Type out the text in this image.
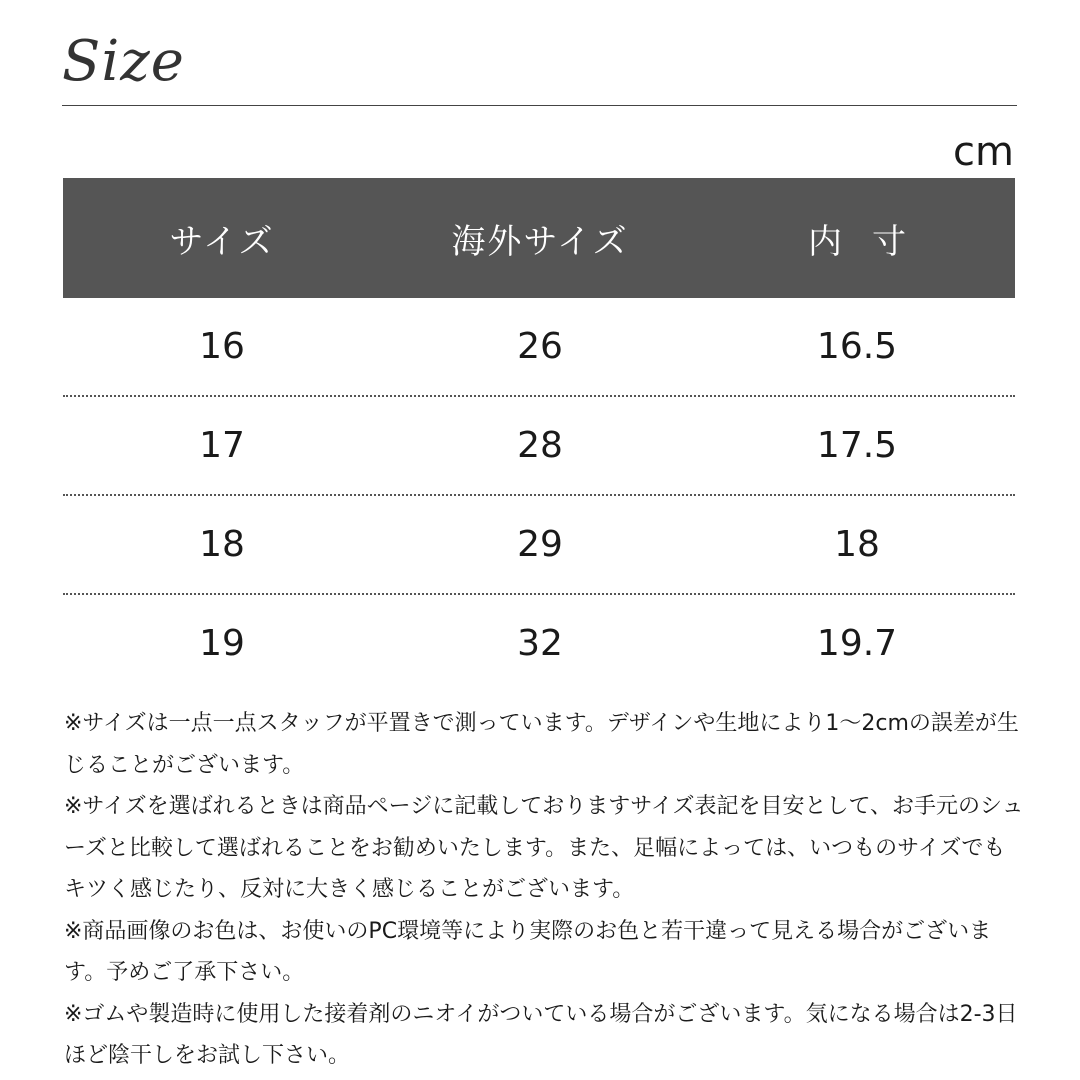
Size
cm
サイズ	海外サイズ	内寸
16	26	16.5
17	28	17.5
18	29	18
19	32	19.7

※サイズは一点一点スタッフが平置きで測っています。デザインや生地により1〜2cmの誤差が生じることがございます。

※サイズを選ばれるときは商品ページに記載しておりますサイズ表記を目安として、お手元のシューズと比較して選ばれることをお勧めいたします。また、足幅によっては、いつものサイズでもキツく感じたり、反対に大きく感じることがございます。

※商品画像のお色は、お使いのPC環境等により実際のお色と若干違って見える場合がございます。予めご了承下さい。

※ゴムや製造時に使用した接着剤のニオイがついている場合がございます。気になる場合は2-3日ほど陰干しをお試し下さい。
